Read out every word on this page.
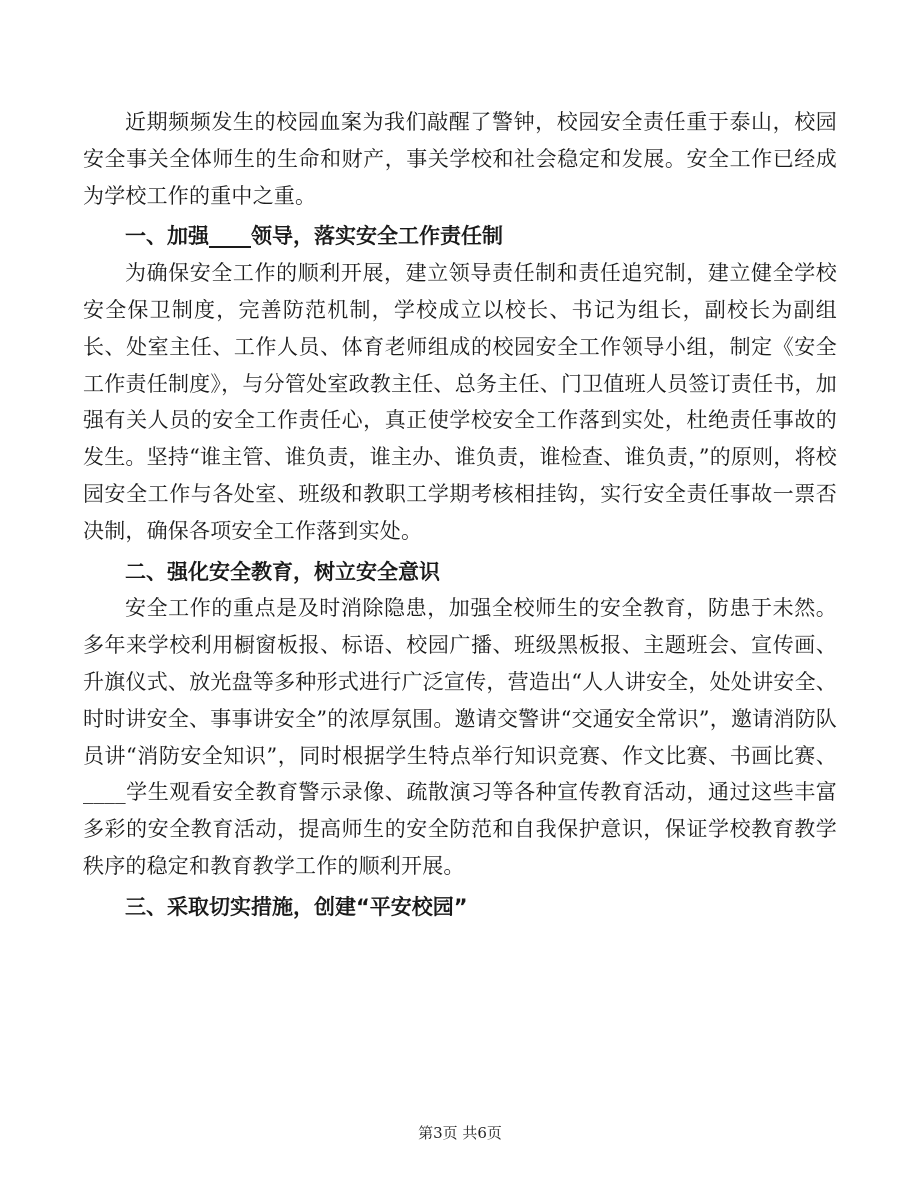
近期频频发生的校园血案为我们敲醒了警钟，校园安全责任重于泰山，校园安全事关全体师生的生命和财产，事关学校和社会稳定和发展。安全工作已经成为学校工作的重中之重。

一、加强____领导，落实安全工作责任制

为确保安全工作的顺利开展，建立领导责任制和责任追究制，建立健全学校安全保卫制度，完善防范机制，学校成立以校长、书记为组长，副校长为副组长、处室主任、工作人员、体育老师组成的校园安全工作领导小组，制定《安全工作责任制度》，与分管处室政教主任、总务主任、门卫值班人员签订责任书，加强有关人员的安全工作责任心，真正使学校安全工作落到实处，杜绝责任事故的发生。坚持“谁主管、谁负责，谁主办、谁负责，谁检查、谁负责，”的原则，将校园安全工作与各处室、班级和教职工学期考核相挂钩，实行安全责任事故一票否决制，确保各项安全工作落到实处。

二、强化安全教育，树立安全意识

安全工作的重点是及时消除隐患，加强全校师生的安全教育，防患于未然。多年来学校利用橱窗板报、标语、校园广播、班级黑板报、主题班会、宣传画、升旗仪式、放光盘等多种形式进行广泛宣传，营造出“人人讲安全，处处讲安全、时时讲安全、事事讲安全”的浓厚氛围。邀请交警讲“交通安全常识”，邀请消防队员讲“消防安全知识”，同时根据学生特点举行知识竞赛、作文比赛、书画比赛、____学生观看安全教育警示录像、疏散演习等各种宣传教育活动，通过这些丰富多彩的安全教育活动，提高师生的安全防范和自我保护意识，保证学校教育教学秩序的稳定和教育教学工作的顺利开展。

三、采取切实措施，创建“平安校园”

第3页 共6页
